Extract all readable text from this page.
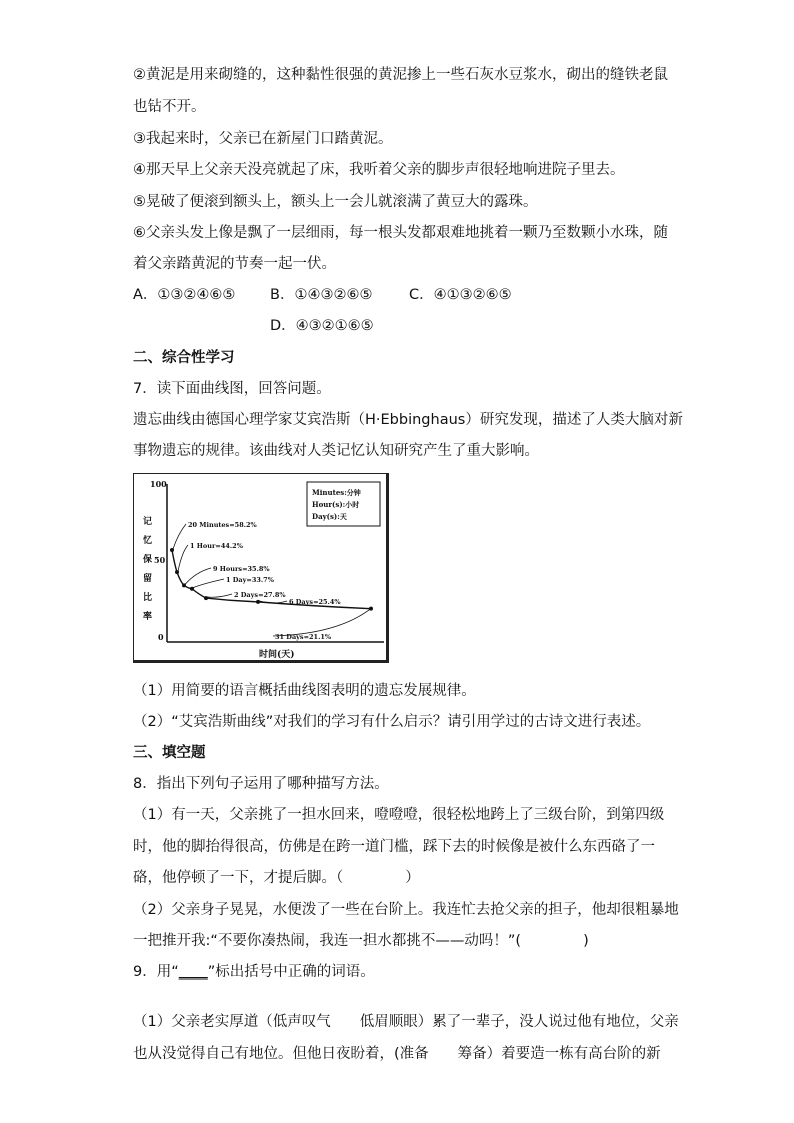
②黄泥是用来砌缝的，这种黏性很强的黄泥掺上一些石灰水豆浆水，砌出的缝铁老鼠
也钻不开。
③我起来时，父亲已在新屋门口踏黄泥。
④那天早上父亲天没亮就起了床，我听着父亲的脚步声很轻地响进院子里去。
⑤晃破了便滚到额头上，额头上一会儿就滚满了黄豆大的露珠。
⑥父亲头发上像是飘了一层细雨，每一根头发都艰难地挑着一颗乃至数颗小水珠，随
着父亲踏黄泥的节奏一起一伏。
A．①③②④⑥⑤ B．①④③②⑥⑤	C．④①③②⑥⑤
D．④③②①⑥⑤
二、综合性学习
7．读下面曲线图，回答问题。
遗忘曲线由德国心理学家艾宾浩斯（H·Ebbinghaus）研究发现，描述了人类大脑对新
事物遗忘的规律。该曲线对人类记忆认知研究产生了重大影响。
100
50
0
记
忆
保
留
比
率
时间(天)
Minutes:分钟
Hour(s):小时
Day(s):天
20 Minutes=58.2%
1 Hour=44.2%
9 Hours=35.8%
1 Day=33.7%
2 Days=27.8%
6 Days=25.4%
31 Days=21.1%
（1）用简要的语言概括曲线图表明的遗忘发展规律。
（2）“艾宾浩斯曲线”对我们的学习有什么启示？请引用学过的古诗文进行表述。
三、填空题
8．指出下列句子运用了哪种描写方法。
（1）有一天，父亲挑了一担水回来，噔噔噔，很轻松地跨上了三级台阶，到第四级
时，他的脚抬得很高，仿佛是在跨一道门槛，踩下去的时候像是被什么东西硌了一
硌，他停顿了一下，才提后脚。（	）
（2）父亲身子晃晃，水便泼了一些在台阶上。我连忙去抢父亲的担子，他却很粗暴地
一把推开我:“不要你凑热闹，我连一担水都挑不——动吗！”(	)
9．用“____”标出括号中正确的词语。
（1）父亲老实厚道（低声叹气　　低眉顺眼）累了一辈子，没人说过他有地位，父亲
也从没觉得自己有地位。但他日夜盼着，(准备　　筹备）着要造一栋有高台阶的新
